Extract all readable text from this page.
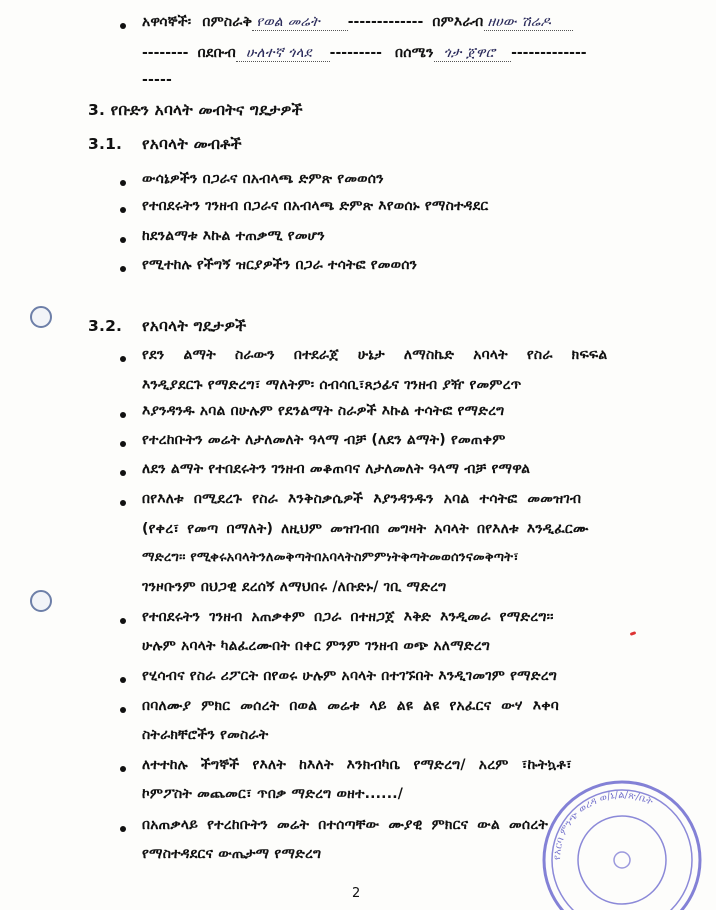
አዋሳኞች፡ በምስራቅ የወል መሬት ------------- በምእራብ ዘሀው ሽሬዶ
-------- በደቡብ ሁለተኛ ጎላደ --------- በሰሜን ጎታ ጀዋሮ -------------
-----
3. የቡድን አባላት መብትና ግዴታዎች
3.1. የአባላት መብቶች
ውሳኔዎችን በጋራና በአብላጫ ድምጽ የመወሰን
የተበደሩትን ገንዘብ በጋራና በአብላጫ ድምጽ እየወሰኑ የማስተዳደር
ከደንልማቱ እኩል ተጠቃሚ የመሆን
የሚተከሉ የችግኝ ዝርያዎችን በጋራ ተሳትፎ የመወሰን
3.2. የአባላት ግዴታዎች
የደን ልማት ስራውን በተደራጀ ሁኔታ ለማስኬድ አባላት የስራ ክፍፍል
እንዲያደርጉ የማድረግ፣ ማለትም፡ ሰብሳቢ፣ጸኃፊና ገንዘብ ያዥ የመምረጥ
እያንዳንዱ አባል በሁሉም የደንልማት ስራዎች እኩል ተሳትፎ የማድረግ
የተረከቡትን መሬት ለታለመለት ዓላማ ብቻ (ለደን ልማት) የመጠቀም
ለደን ልማት የተበደሩትን ገንዘብ መቆጠባና ለታለመለት ዓላማ ብቻ የማዋል
በየእለቱ በሚደረጉ የስራ እንቅስቃሴዎች እያንዳንዱን አባል ተሳትፎ መመዝገብ
(የቀረ፣ የመጣ በማለት) ለዚህም መዝገብበ መግዛት አባላት በየእለቱ እንዲፈርሙ
ማድረግ፡፡ የሚቀሩአባላትንለመቅጣትበአባላትስምምነትቅጣትመወሰንናመቅጣት፣
ገንዞቡንም በህጋዊ ደረሰኝ ለማህበሩ /ለቡድኑ/ ገቢ ማድረግ
የተበደሩትን ገንዘብ አጠቃቀም በጋራ በተዘጋጀ እቅድ እንዲመራ የማድረግ፡፡
ሁሉም አባላት ካልፈረሙበት በቀር ምንም ገንዘብ ወጭ አለማድረግ
የሂሳብና የስራ ሪፖርት በየወሩ ሁሉም አባላት በተገኙበት እንዲገመገም የማድረግ
በባለሙያ ምክር መሰረት በወል መሬቱ ላይ ልዩ ልዩ የአፈርና ውሃ እቀባ
ስትራክቸሮችን የመስራት
ለተተከሉ ችግኞች የእለት ከእለት እንክብካቤ የማድረግ/ አረም ፣ኩትኳቶ፣
ኮምፖስት መጨመር፣ ጥበቃ ማድረግ ወዘተ....../
በአጠቃላይ የተረከቡትን መሬት በተሰጣቸው ሙያዊ ምክርና ውል መሰረት
የማስተዳደርና ውጤታማ የማድረግ	የአርባ ምንጭ ወረዳ ወ/ኔ/ል/ጽ/ቤት
2
